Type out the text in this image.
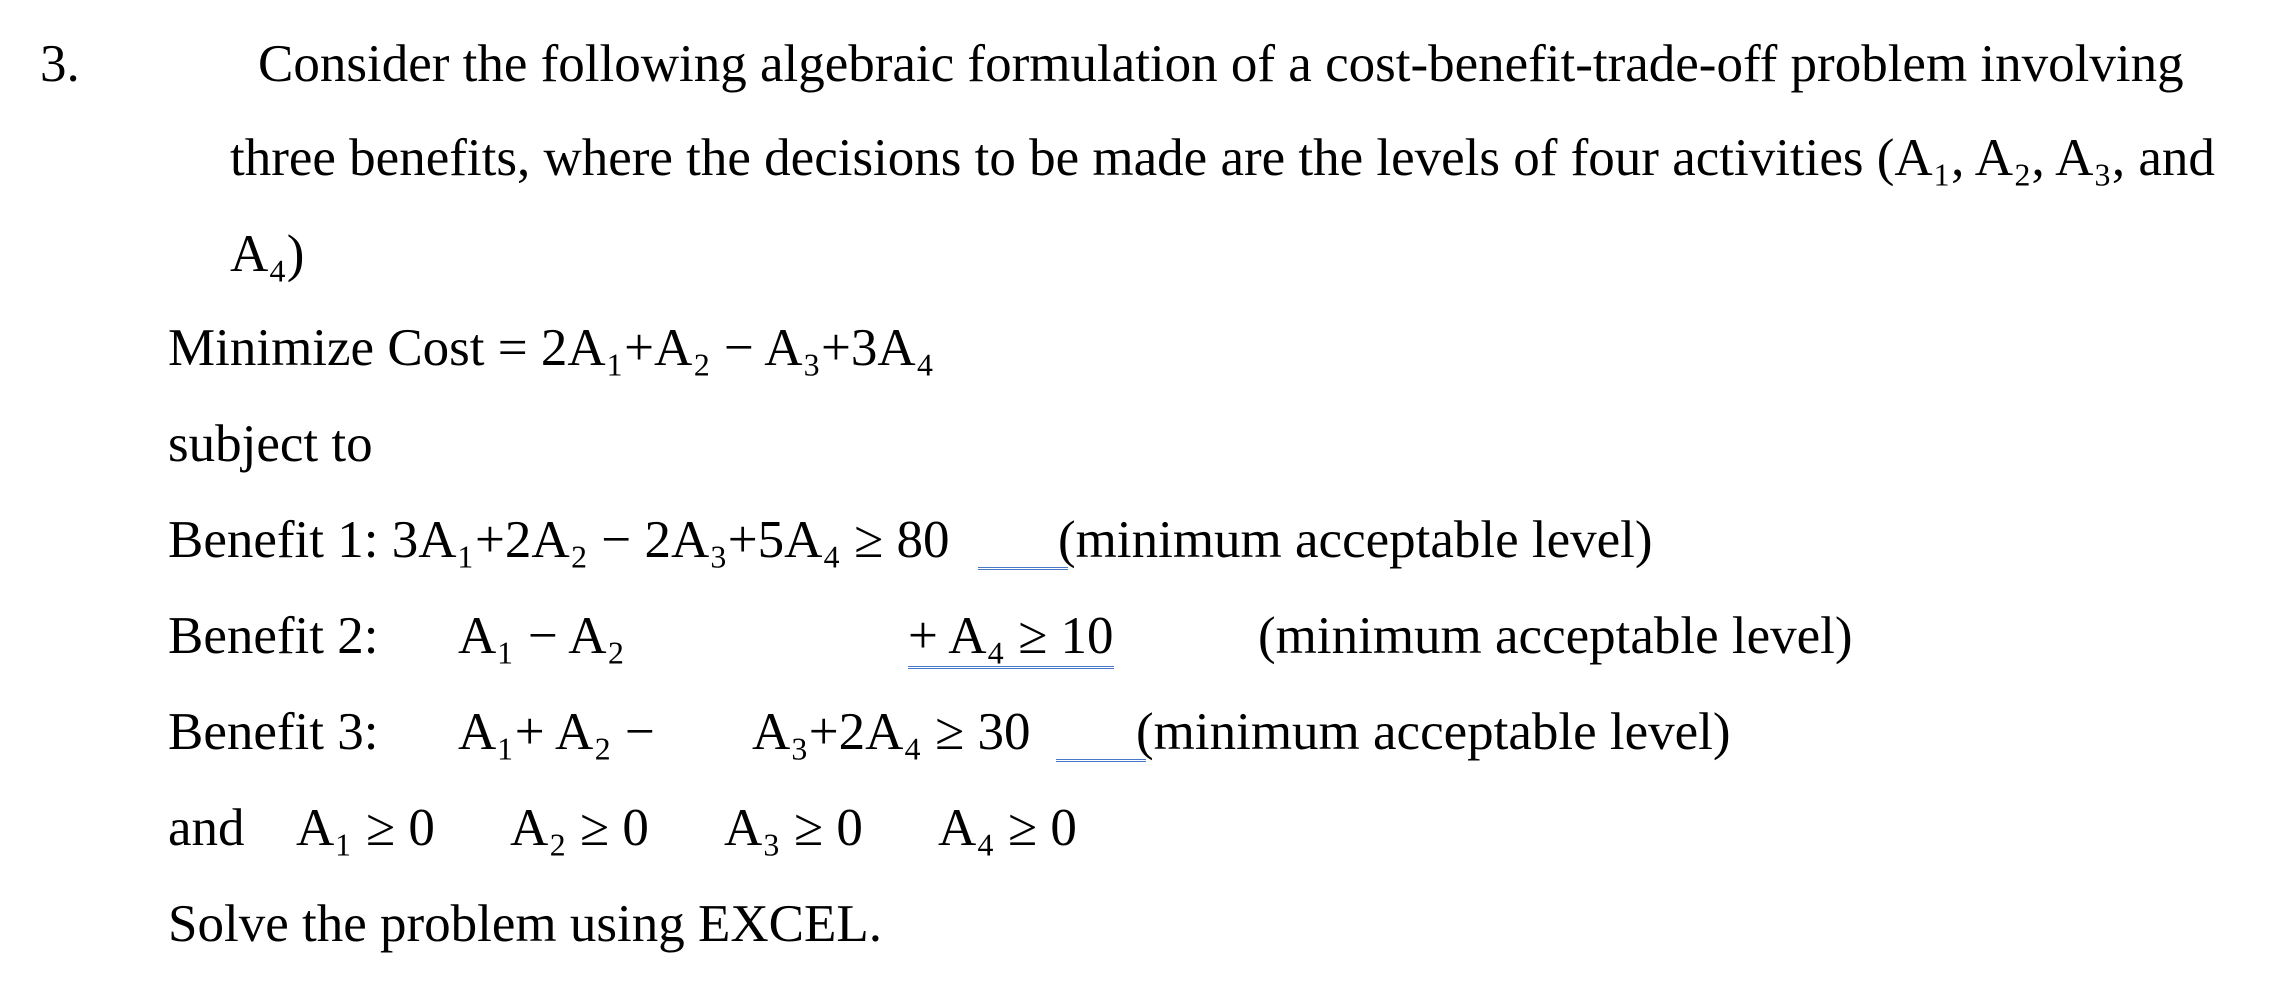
3.	Consider the following algebraic formulation of a cost-benefit-trade-off problem involving
three benefits, where the decisions to be made are the levels of four activities (A₁, A₂, A₃, and
A₄)
Minimize Cost = 2A₁+A₂ − A₃+3A₄
subject to
Benefit 1: 3A₁+2A₂ − 2A₃+5A₄ ≥ 80
(minimum acceptable level)
Benefit 2: A₁ − A₂	+ A₄ ≥ 10	(minimum acceptable level)
Benefit 3: A₁+ A₂ − A₃+2A₄ ≥ 30
(minimum acceptable level)
and A₁ ≥ 0 A₂ ≥ 0 A₃ ≥ 0 A₄ ≥ 0
Solve the problem using EXCEL.
